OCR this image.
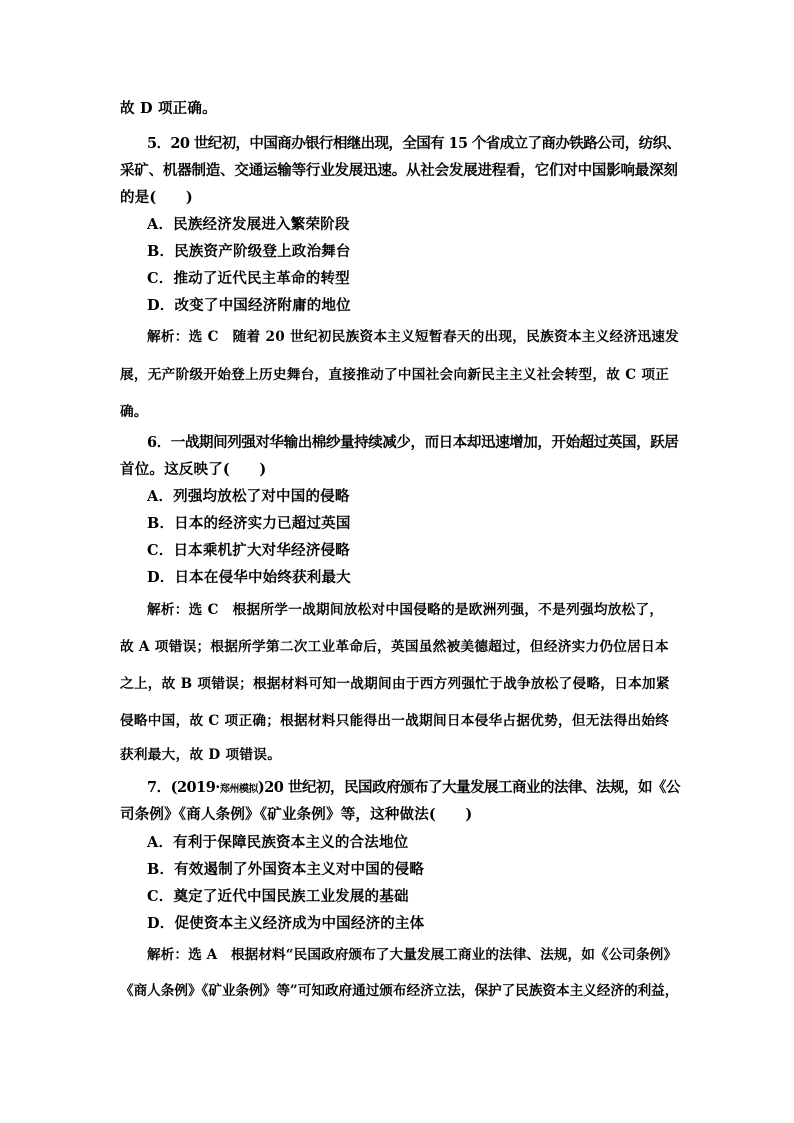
故 D 项正确。
5．20 世纪初，中国商办银行相继出现，全国有 15 个省成立了商办铁路公司，纺织、
采矿、机器制造、交通运输等行业发展迅速。从社会发展进程看，它们对中国影响最深刻
的是(　　)
A．民族经济发展进入繁荣阶段
B．民族资产阶级登上政治舞台
C．推动了近代民主革命的转型
D．改变了中国经济附庸的地位
解析：选 C　随着 20 世纪初民族资本主义短暂春天的出现，民族资本主义经济迅速发
展，无产阶级开始登上历史舞台，直接推动了中国社会向新民主主义社会转型，故 C 项正
确。
6．一战期间列强对华输出棉纱量持续减少，而日本却迅速增加，开始超过英国，跃居
首位。这反映了(　　)
A．列强均放松了对中国的侵略
B．日本的经济实力已超过英国
C．日本乘机扩大对华经济侵略
D．日本在侵华中始终获利最大
解析：选 C　根据所学一战期间放松对中国侵略的是欧洲列强，不是列强均放松了，
故 A 项错误；根据所学第二次工业革命后，英国虽然被美德超过，但经济实力仍位居日本
之上，故 B 项错误；根据材料可知一战期间由于西方列强忙于战争放松了侵略，日本加紧
侵略中国，故 C 项正确；根据材料只能得出一战期间日本侵华占据优势，但无法得出始终
获利最大，故 D 项错误。
7．(2019·郑州模拟)20 世纪初，民国政府颁布了大量发展工商业的法律、法规，如《公
司条例》《商人条例》《矿业条例》等，这种做法(　　)
A．有利于保障民族资本主义的合法地位
B．有效遏制了外国资本主义对中国的侵略
C．奠定了近代中国民族工业发展的基础
D．促使资本主义经济成为中国经济的主体
解析：选 A　根据材料“民国政府颁布了大量发展工商业的法律、法规，如《公司条例》
《商人条例》《矿业条例》等”可知政府通过颁布经济立法，保护了民族资本主义经济的利益，
